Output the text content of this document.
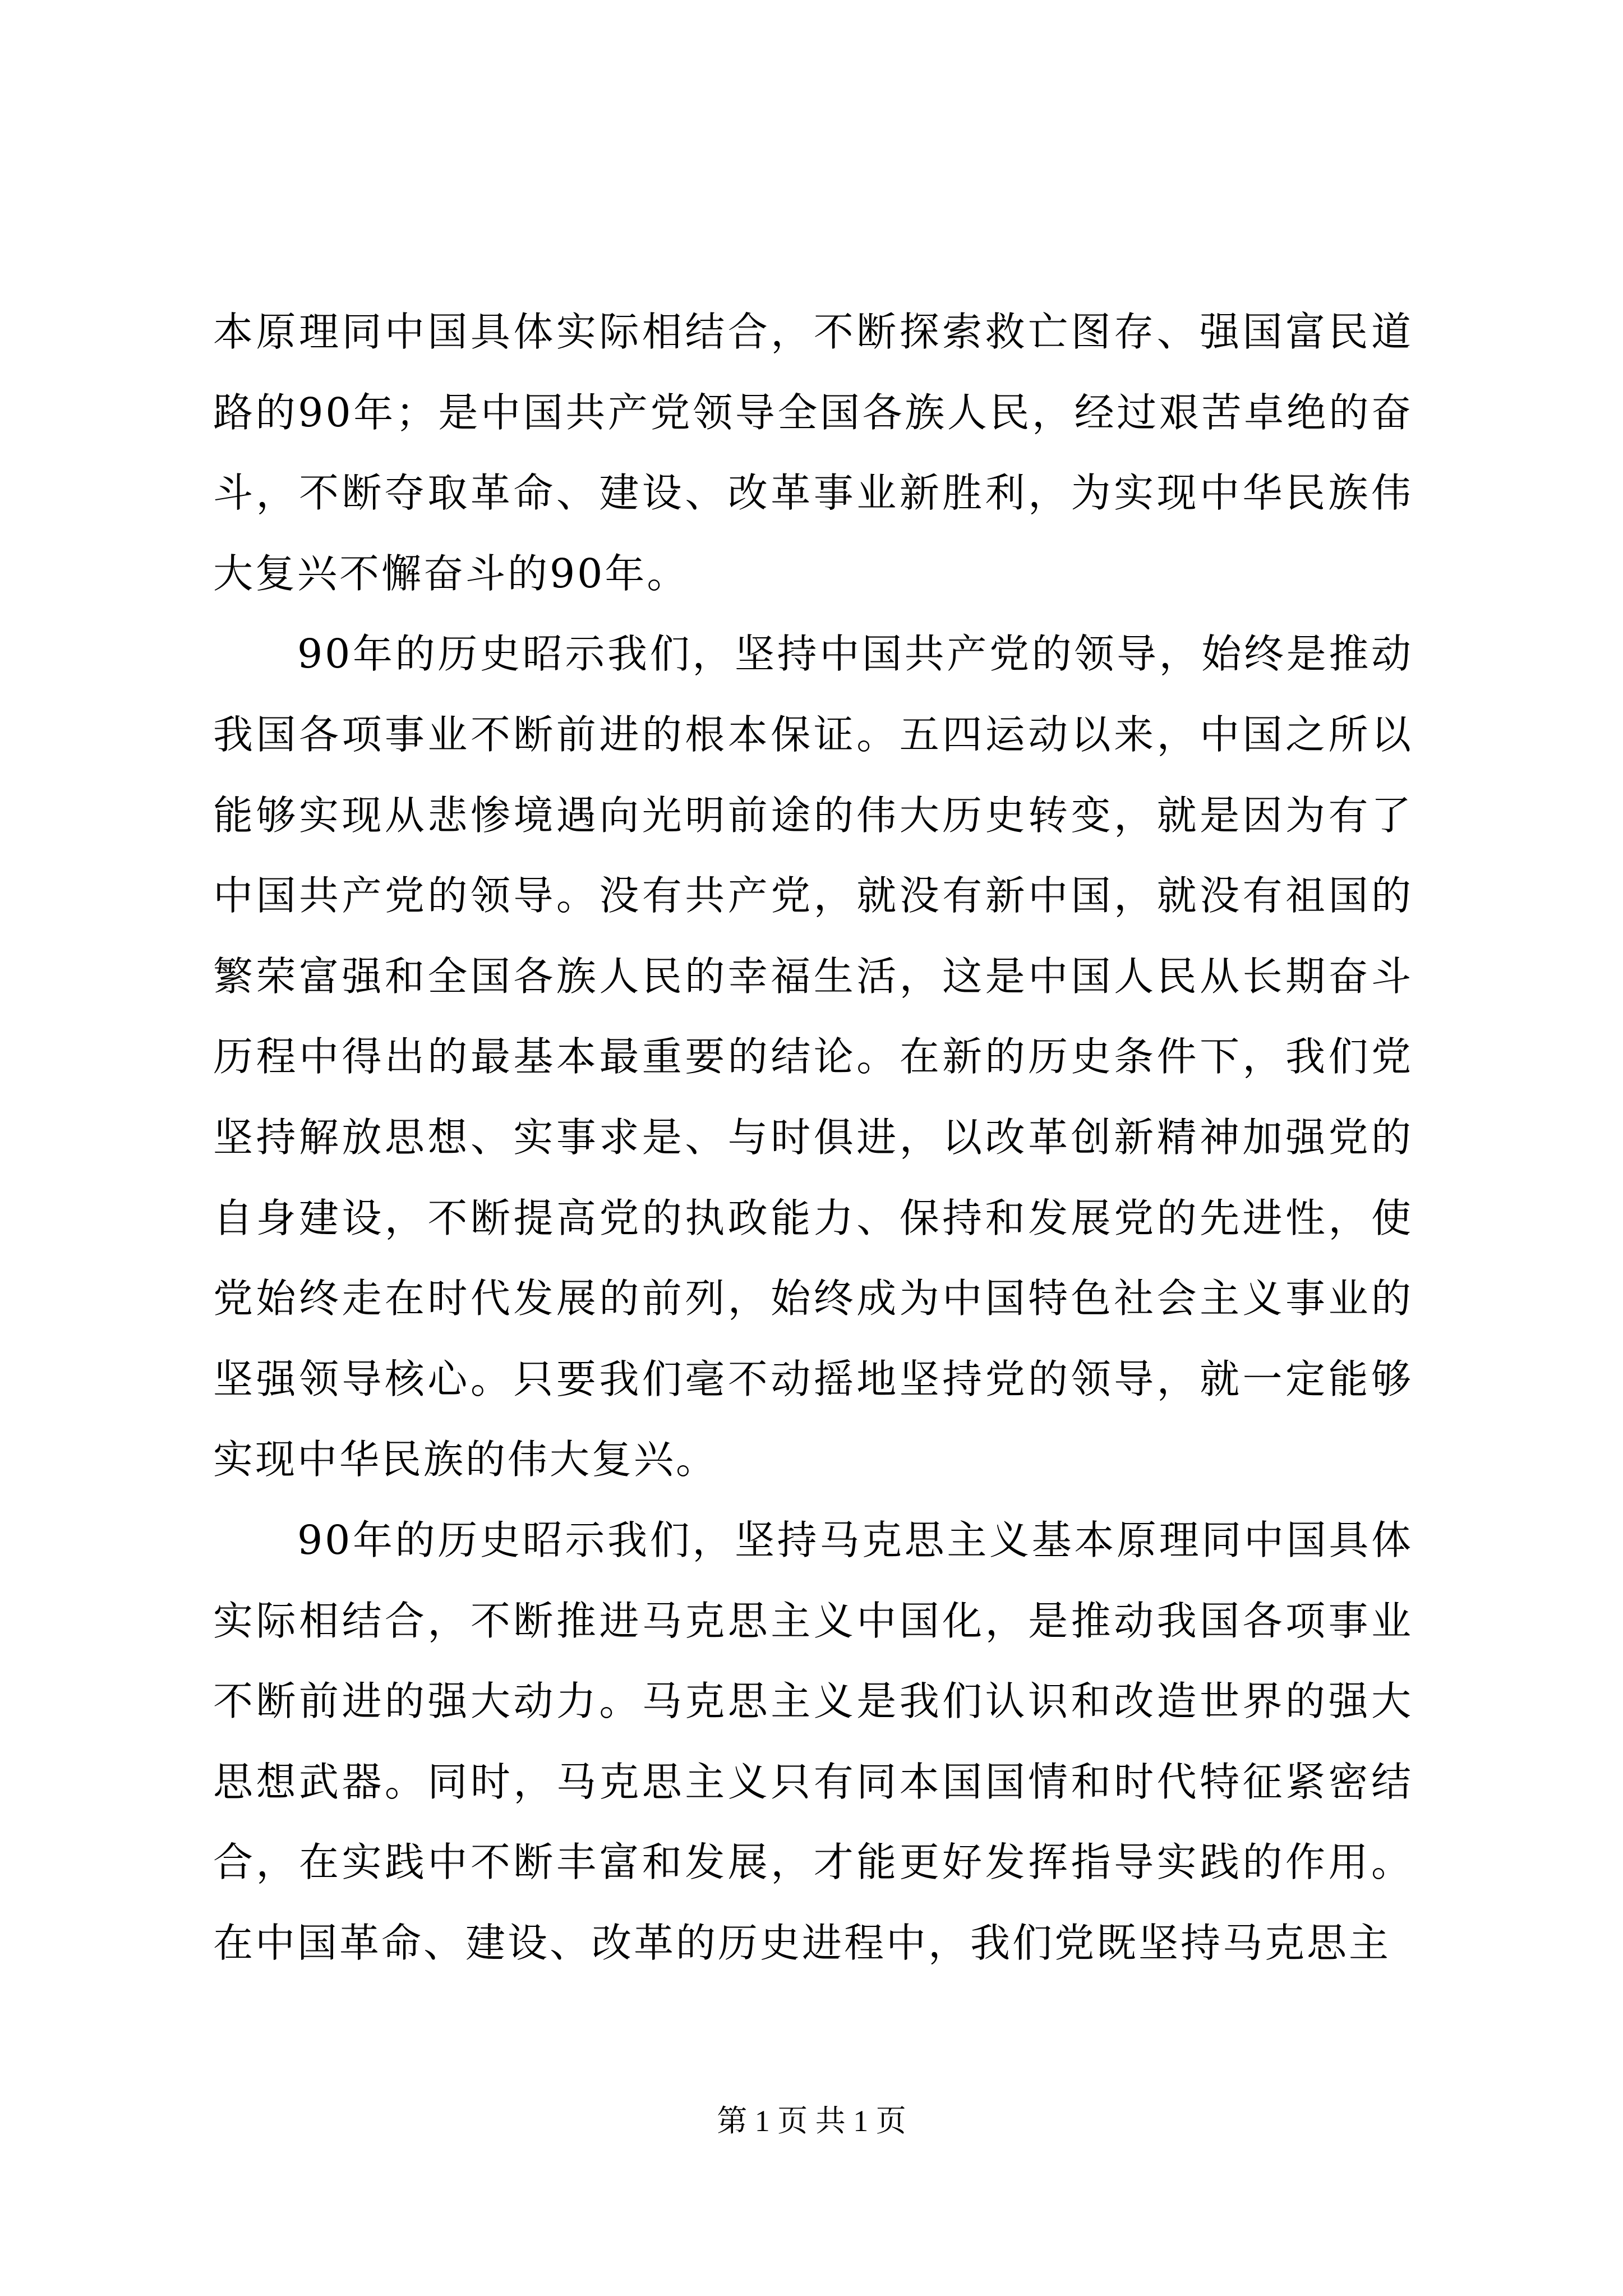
本原理同中国具体实际相结合，不断探索救亡图存、强国富民道路的90年；是中国共产党领导全国各族人民，经过艰苦卓绝的奋斗，不断夺取革命、建设、改革事业新胜利，为实现中华民族伟大复兴不懈奋斗的90年。

90年的历史昭示我们，坚持中国共产党的领导，始终是推动我国各项事业不断前进的根本保证。五四运动以来，中国之所以能够实现从悲惨境遇向光明前途的伟大历史转变，就是因为有了中国共产党的领导。没有共产党，就没有新中国，就没有祖国的繁荣富强和全国各族人民的幸福生活，这是中国人民从长期奋斗历程中得出的最基本最重要的结论。在新的历史条件下，我们党坚持解放思想、实事求是、与时俱进，以改革创新精神加强党的自身建设，不断提高党的执政能力、保持和发展党的先进性，使党始终走在时代发展的前列，始终成为中国特色社会主义事业的坚强领导核心。只要我们毫不动摇地坚持党的领导，就一定能够实现中华民族的伟大复兴。

90年的历史昭示我们，坚持马克思主义基本原理同中国具体实际相结合，不断推进马克思主义中国化，是推动我国各项事业不断前进的强大动力。马克思主义是我们认识和改造世界的强大思想武器。同时，马克思主义只有同本国国情和时代特征紧密结合，在实践中不断丰富和发展，才能更好发挥指导实践的作用。在中国革命、建设、改革的历史进程中，我们党既坚持马克思主

第 1 页 共 1 页
